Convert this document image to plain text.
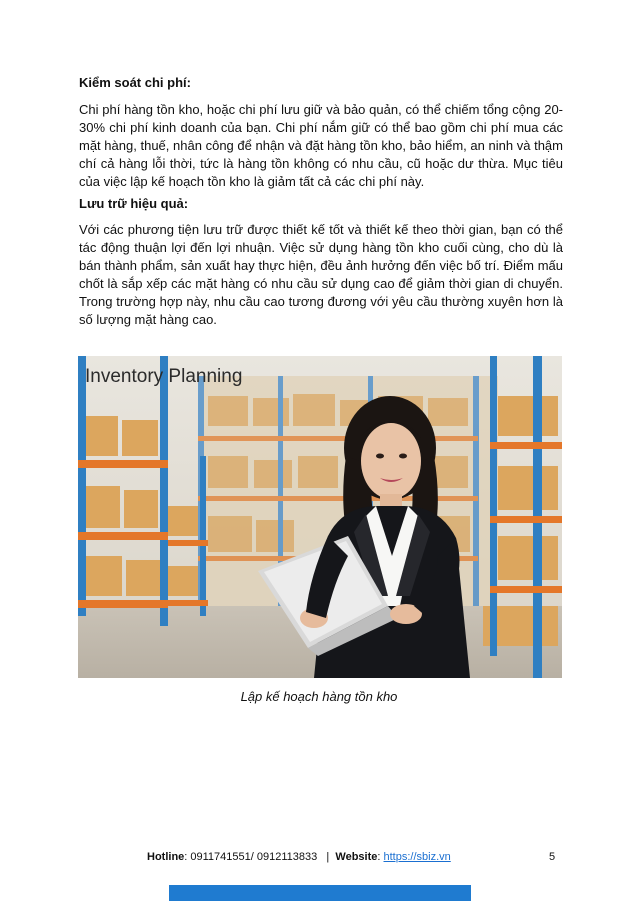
Kiểm soát chi phí:

Chi phí hàng tồn kho, hoặc chi phí lưu giữ và bảo quản, có thể chiếm tổng cộng 20-30% chi phí kinh doanh của bạn. Chi phí nắm giữ có thể bao gồm chi phí mua các mặt hàng, thuế, nhân công để nhận và đặt hàng tồn kho, bảo hiểm, an ninh và thậm chí cả hàng lỗi thời, tức là hàng tồn không có nhu cầu, cũ hoặc dư thừa. Mục tiêu của việc lập kế hoạch tồn kho là giảm tất cả các chi phí này.

Lưu trữ hiệu quả:

Với các phương tiện lưu trữ được thiết kế tốt và thiết kế theo thời gian, bạn có thể tác động thuận lợi đến lợi nhuận. Việc sử dụng hàng tồn kho cuối cùng, cho dù là bán thành phẩm, sản xuất hay thực hiện, đều ảnh hưởng đến việc bố trí. Điểm mấu chốt là sắp xếp các mặt hàng có nhu cầu sử dụng cao để giảm thời gian di chuyển. Trong trường hợp này, nhu cầu cao tương đương với yêu cầu thường xuyên hơn là số lượng mặt hàng cao.

Inventory Planning
Lập kế hoạch hàng tồn kho
Hotline: 0911741551/ 0912113833 | Website: https://sbiz.vn	5
